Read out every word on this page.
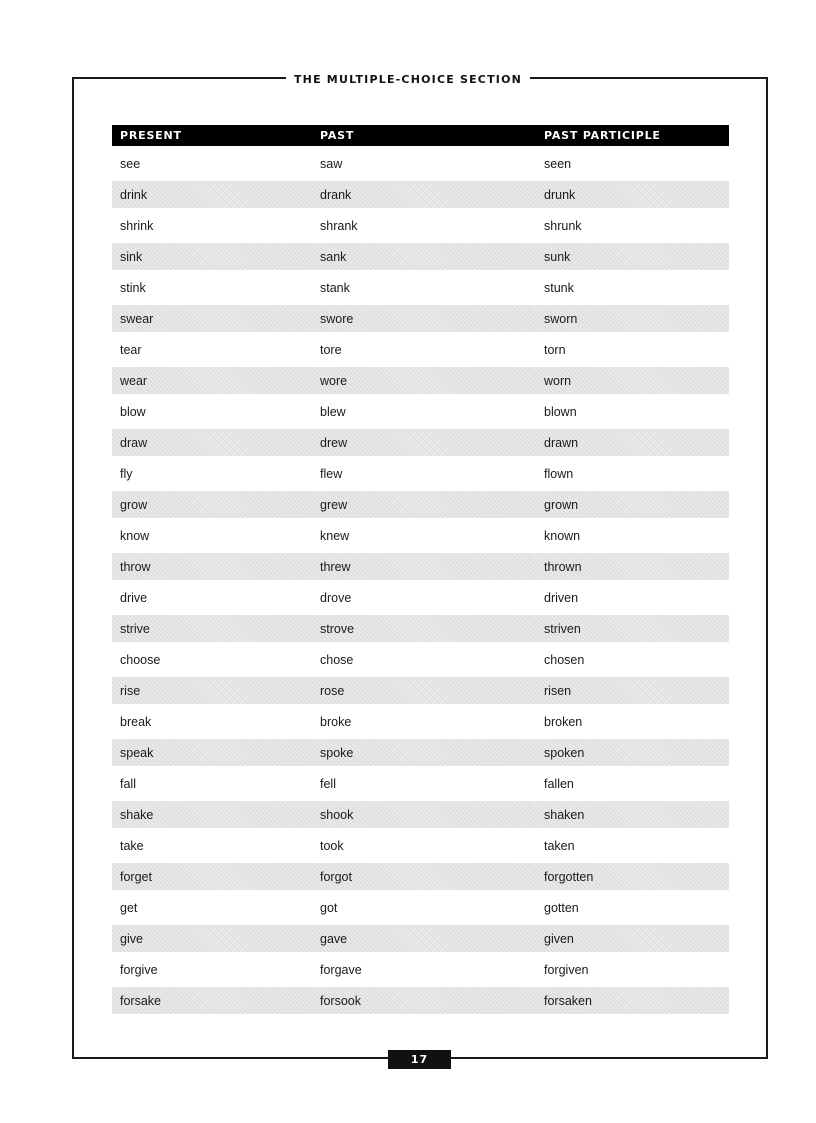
THE MULTIPLE-CHOICE SECTION
PRESENT	PAST	PAST PARTICIPLE
see	saw	seen
drink	drank	drunk
shrink	shrank	shrunk
sink	sank	sunk
stink	stank	stunk
swear	swore	sworn
tear	tore	torn
wear	wore	worn
blow	blew	blown
draw	drew	drawn
fly	flew	flown
grow	grew	grown
know	knew	known
throw	threw	thrown
drive	drove	driven
strive	strove	striven
choose	chose	chosen
rise	rose	risen
break	broke	broken
speak	spoke	spoken
fall	fell	fallen
shake	shook	shaken
take	took	taken
forget	forgot	forgotten
get	got	gotten
give	gave	given
forgive	forgave	forgiven
forsake	forsook	forsaken
17
